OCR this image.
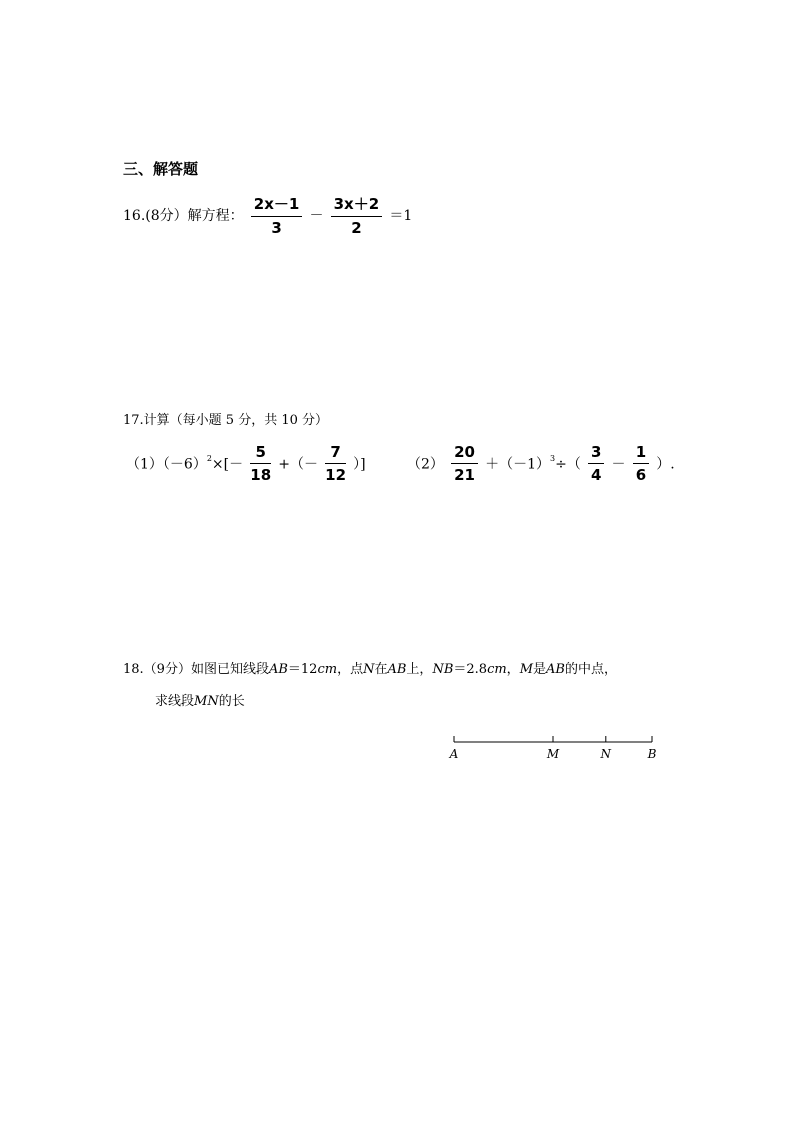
三、解答题
16.(8分）解方程： $\frac{2x-1}{3} - \frac{3x+2}{2} =1$
17.计算（每小题 5 分，共 10 分）
$(1)(-6)^2\times[- \frac{5}{18}$ +（－ $\frac{7}{12}$ ）]	$(2) \frac{20}{21} +(-1)^3\div( \frac{3}{4} - \frac{1}{6}$ ）.
18.（9分）如图已知线段AB＝12cm，点N在AB上，NB＝2.8cm，M是AB的中点，
求线段MN的长
A	M	N	B
